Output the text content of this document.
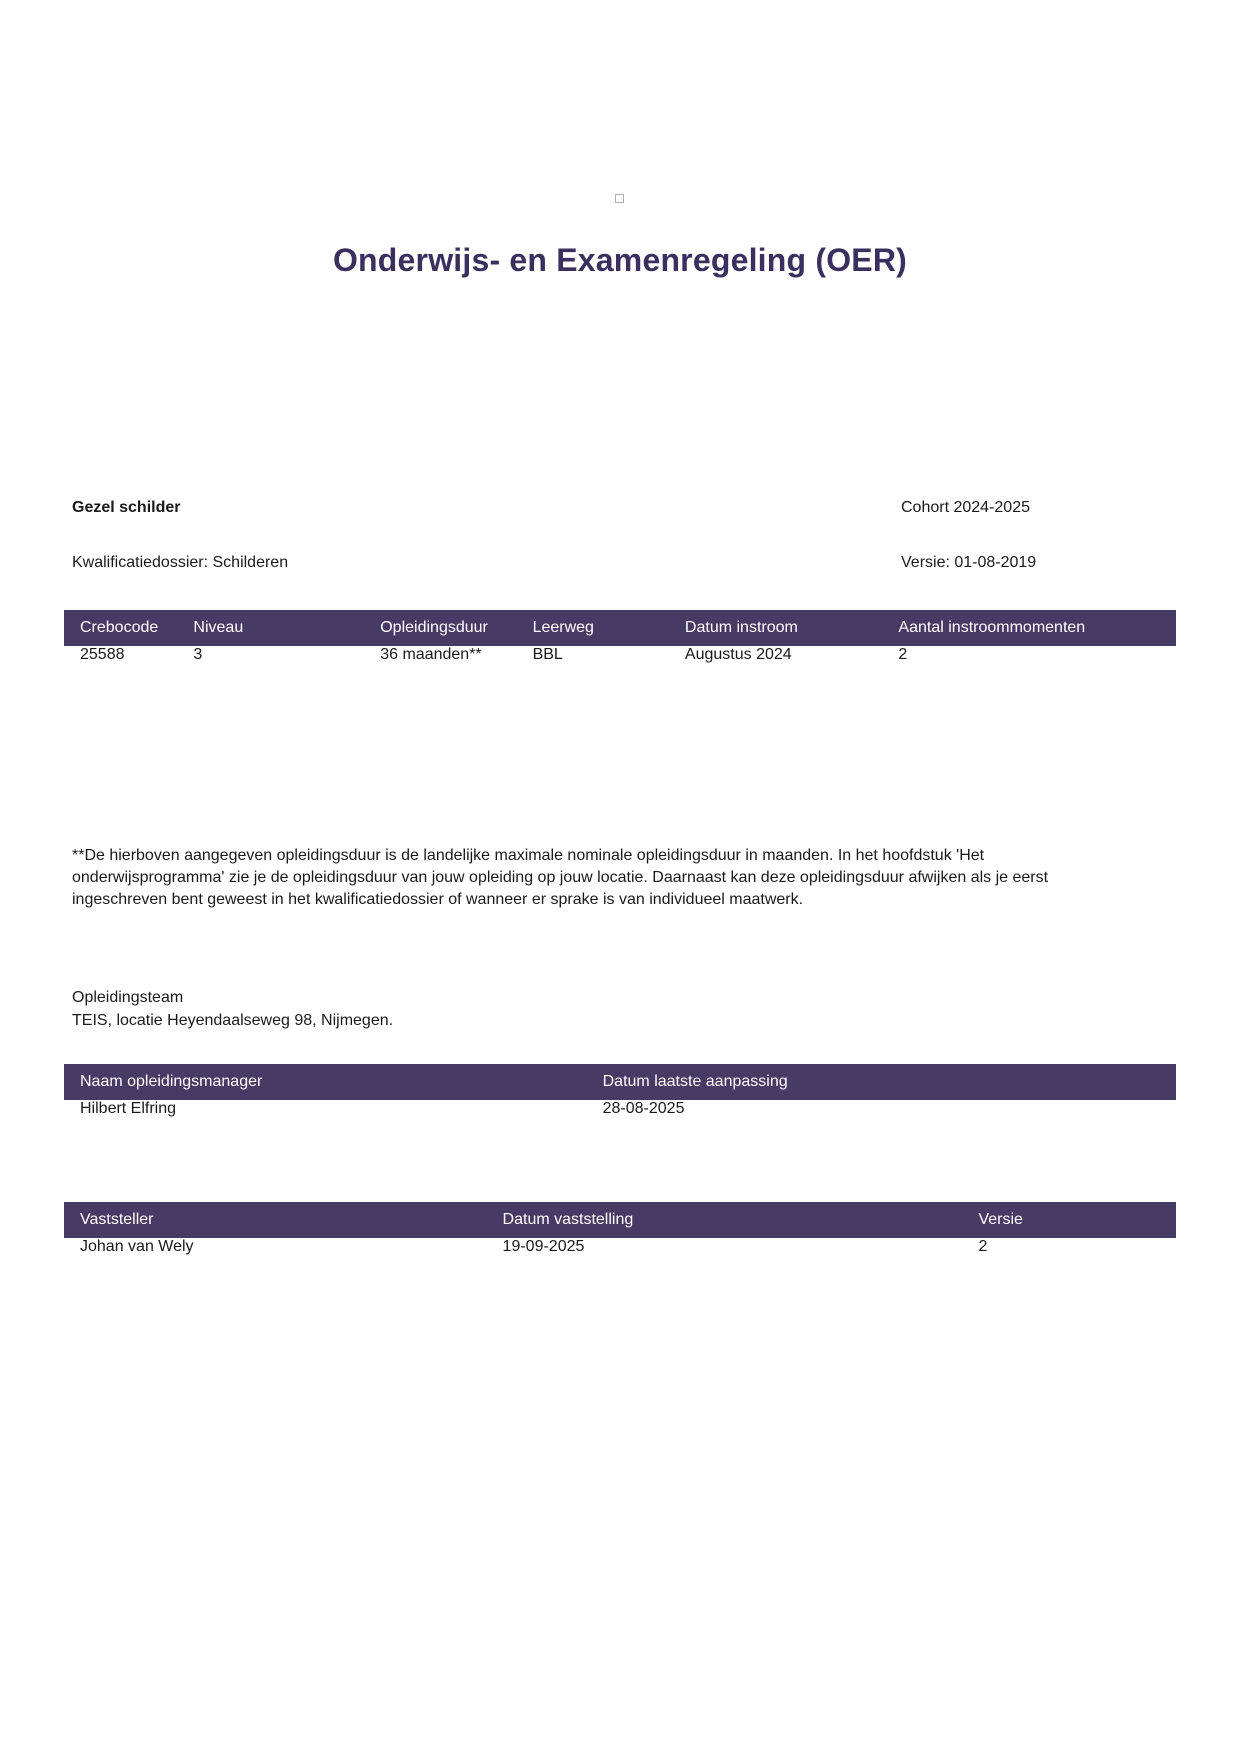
Onderwijs- en Examenregeling (OER)
Gezel schilder	Cohort 2024-2025
Kwalificatiedossier: Schilderen	Versie: 01-08-2019
Crebocode	Niveau	Opleidingsduur	Leerweg	Datum instroom	Aantal instroommomenten
25588	3	36 maanden**	BBL	Augustus 2024	2

**De hierboven aangegeven opleidingsduur is de landelijke maximale nominale opleidingsduur in maanden. In het hoofdstuk 'Het onderwijsprogramma' zie je de opleidingsduur van jouw opleiding op jouw locatie. Daarnaast kan deze opleidingsduur afwijken als je eerst ingeschreven bent geweest in het kwalificatiedossier of wanneer er sprake is van individueel maatwerk.

Opleidingsteam
TEIS, locatie Heyendaalseweg 98, Nijmegen.
Naam opleidingsmanager	Datum laatste aanpassing
Hilbert Elfring	28-08-2025
Vaststeller	Datum vaststelling	Versie
Johan van Wely	19-09-2025	2
